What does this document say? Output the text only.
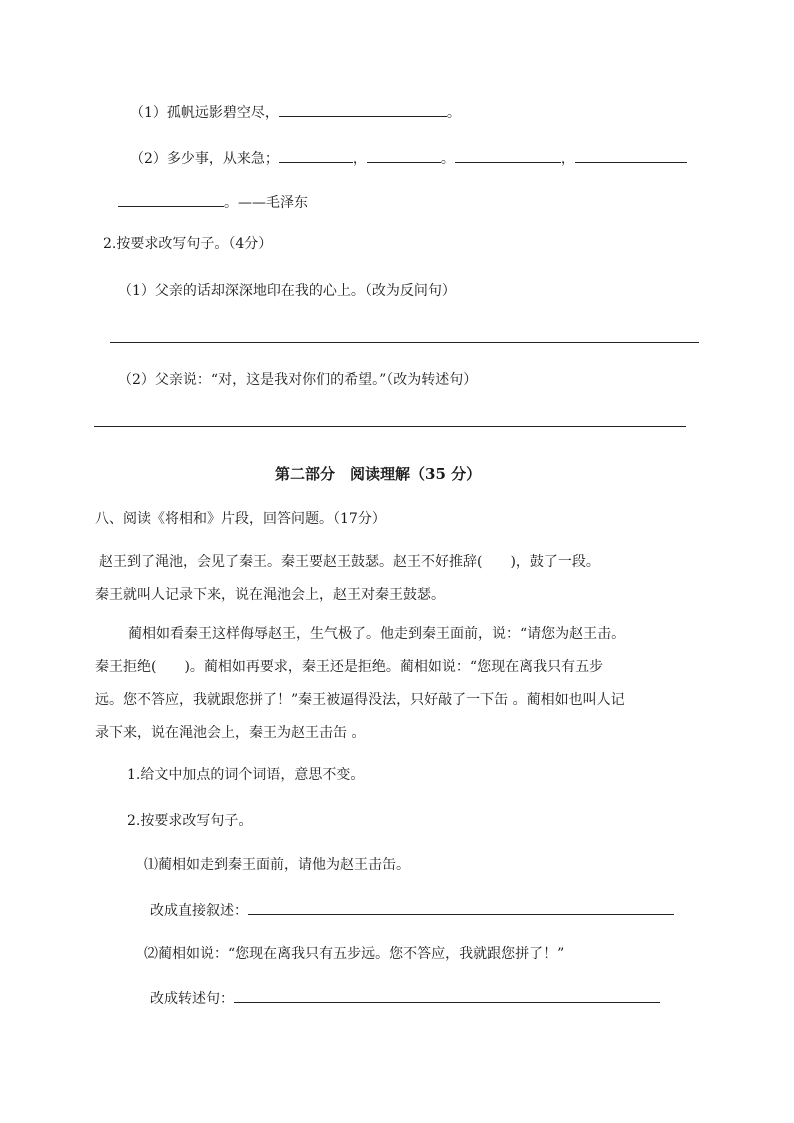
（1）孤帆远影碧空尽，	。
（2）多少事，从来急；	，	。	，
。——毛泽东
2.按要求改写句子。（4分）
（1）父亲的话却深深地印在我的心上。（改为反问句）
（2）父亲说：“对，这是我对你们的希望。”（改为转述句）
第二部分　阅读理解（35 分）
八、阅读《将相和》片段，回答问题。（17分）

赵王到了渑池，会见了秦王。秦王要赵王鼓瑟。赵王不好推辞(　　)，鼓了一段。

秦王就叫人记录下来，说在渑池会上，赵王对秦王鼓瑟。

蔺相如看秦王这样侮辱赵王，生气极了。他走到秦王面前，说：“请您为赵王击。

秦王拒绝(　　)。蔺相如再要求，秦王还是拒绝。蔺相如说：“您现在离我只有五步

远。您不答应，我就跟您拼了！”秦王被逼得没法，只好敲了一下缶 。蔺相如也叫人记

录下来，说在渑池会上，秦王为赵王击缶 。

1.给文中加点的词个词语，意思不变。
2.按要求改写句子。
⑴蔺相如走到秦王面前，请他为赵王击缶。
改成直接叙述：
⑵蔺相如说：“您现在离我只有五步远。您不答应，我就跟您拼了！”
改成转述句：
